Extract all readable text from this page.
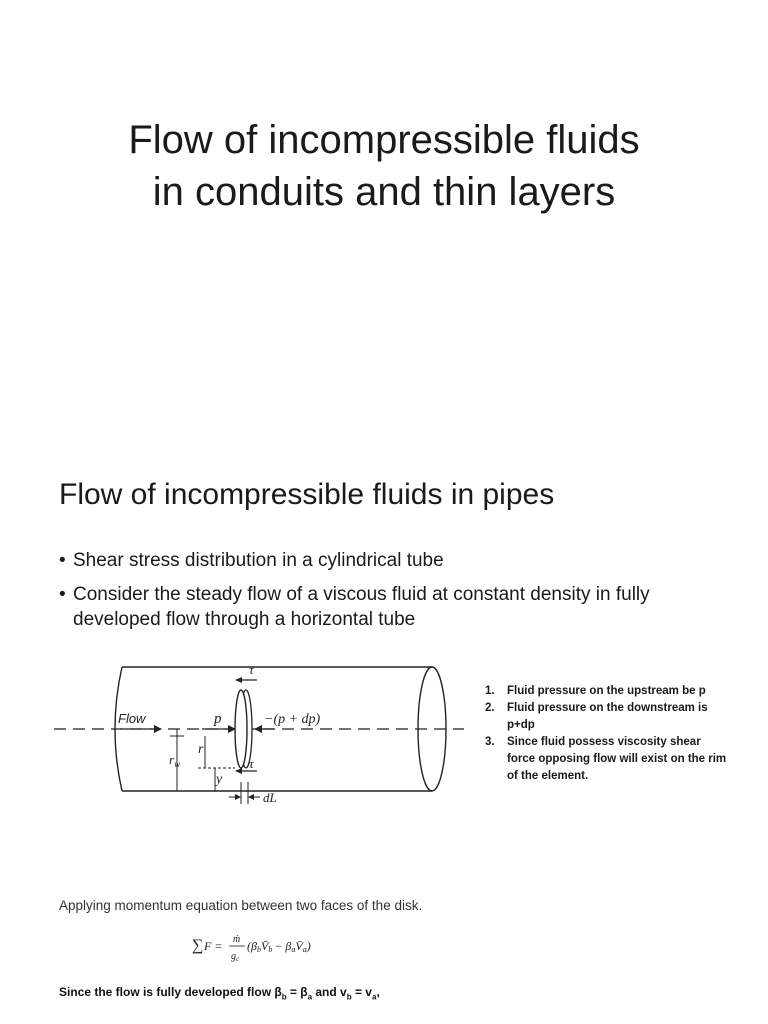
Flow of incompressible fluids
in conduits and thin layers
Flow of incompressible fluids in pipes
• Shear stress distribution in a cylindrical tube
• Consider the steady flow of a viscous fluid at constant density in fully developed flow through a horizontal tube
Flow	p	−(p + dp)
τ
τ
r
$r_w$
y
dL
1. Fluid pressure on the upstream be p
2. Fluid pressure on the downstream is p+dp
3. Since fluid possess viscosity shear force opposing flow will exist on the rim of the element.
Applying momentum equation between two faces of the disk.
∑ F = ṁ
$g_c$
(βbV̄b − βaV̄a)
Since the flow is fully developed flow $\beta_b = \beta_a$ and $v_b = v_a$,
